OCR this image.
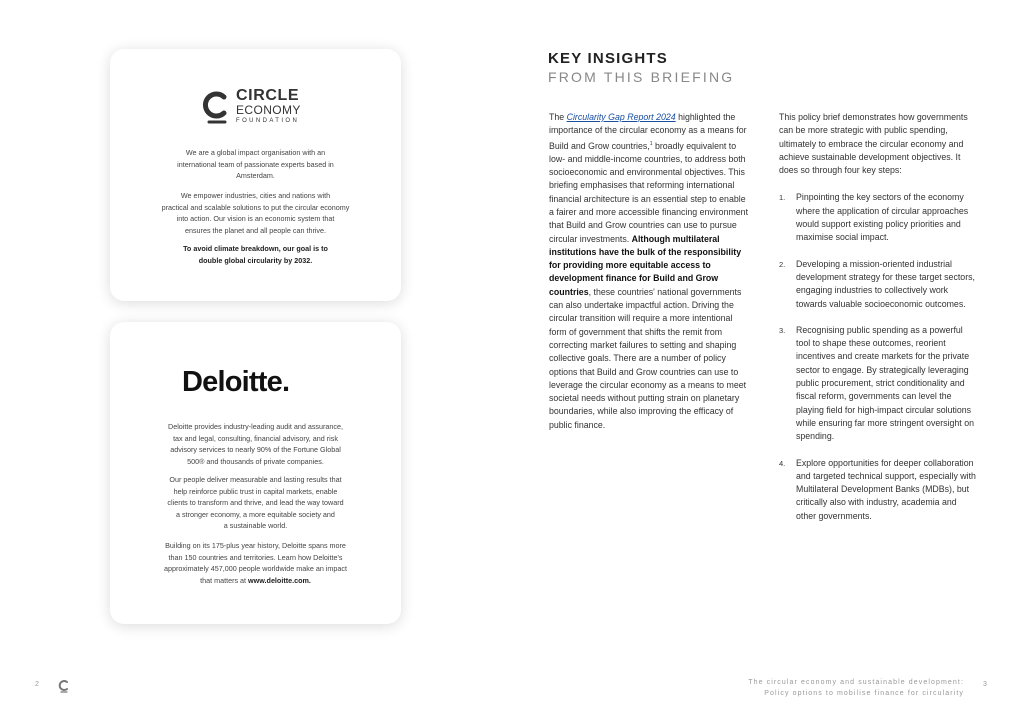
CIRCLE
ECONOMY
FOUNDATION
We are a global impact organisation with an
international team of passionate experts based in
Amsterdam.
We empower industries, cities and nations with
practical and scalable solutions to put the circular economy
into action. Our vision is an economic system that
ensures the planet and all people can thrive.
To avoid climate breakdown, our goal is to
double global circularity by 2032.
Deloitte.
Deloitte provides industry-leading audit and assurance,
tax and legal, consulting, financial advisory, and risk
advisory services to nearly 90% of the Fortune Global
500® and thousands of private companies.
Our people deliver measurable and lasting results that
help reinforce public trust in capital markets, enable
clients to transform and thrive, and lead the way toward
a stronger economy, a more equitable society and
a sustainable world.
Building on its 175-plus year history, Deloitte spans more
than 150 countries and territories. Learn how Deloitte's
approximately 457,000 people worldwide make an impact
that matters at www.deloitte.com.
KEY INSIGHTS
FROM THIS BRIEFING
The Circularity Gap Report 2024 highlighted the importance of the circular economy as a means for Build and Grow countries,$^1$ broadly equivalent to low- and middle-income countries, to address both socioeconomic and environmental objectives. This briefing emphasises that reforming international financial architecture is an essential step to enable a fairer and more accessible financing environment that Build and Grow countries can use to pursue circular investments. Although multilateral institutions have the bulk of the responsibility for providing more equitable access to development finance for Build and Grow countries, these countries' national governments can also undertake impactful action. Driving the circular transition will require a more intentional form of government that shifts the remit from correcting market failures to setting and shaping collective goals. There are a number of policy options that Build and Grow countries can use to leverage the circular economy as a means to meet societal needs without putting strain on planetary boundaries, while also improving the efficacy of public finance.
This policy brief demonstrates how governments can be more strategic with public spending, ultimately to embrace the circular economy and achieve sustainable development objectives. It does so through four key steps:
1. Pinpointing the key sectors of the economy where the application of circular approaches would support existing policy priorities and maximise social impact.
2. Developing a mission-oriented industrial development strategy for these target sectors, engaging industries to collectively work towards valuable socioeconomic outcomes.
3. Recognising public spending as a powerful tool to shape these outcomes, reorient incentives and create markets for the private sector to engage. By strategically leveraging public procurement, strict conditionality and fiscal reform, governments can level the playing field for high-impact circular solutions while ensuring far more stringent oversight on spending.
4. Explore opportunities for deeper collaboration and targeted technical support, especially with Multilateral Development Banks (MDBs), but critically also with industry, academia and other governments.
2	The circular economy and sustainable development:
Policy options to mobilise finance for circularity
3
